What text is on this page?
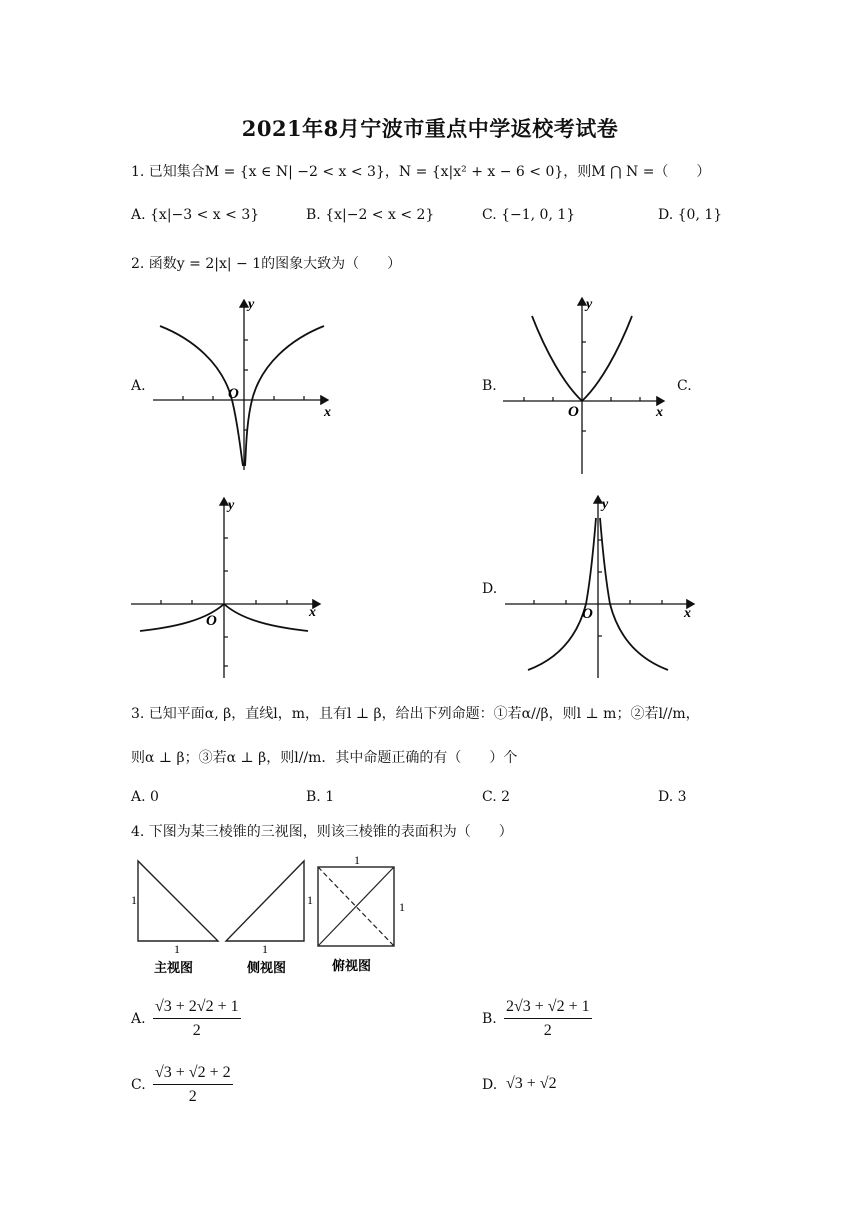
2021年8月宁波市重点中学返校考试卷
1. 已知集合M = {x ∈ N| −2 < x < 3}，N = {x|x² + x − 6 < 0}，则M ⋂ N =（　　）
A. {x|−3 < x < 3}	B. {x|−2 < x < 2}	C. {−1, 0, 1}	D. {0, 1}
2. 函数y = 2|x| − 1的图象大致为（　　）
A.	B.	C.
D.
O
x
y
O	x
y
O
x
y
O	x
y
3. 已知平面α, β，直线l，m，且有l ⊥ β，给出下列命题：①若α//β，则l ⊥ m；②若l//m，
则α ⊥ β；③若α ⊥ β，则l//m．其中命题正确的有（　　）个
A. 0	B. 1	C. 2	D. 3
4. 下图为某三棱锥的三视图，则该三棱锥的表面积为（　　）
1
1
1
1
1
1
主视图	侧视图	俯视图
A. $\frac{√3 + 2√2 + 1}{2}$	B. $\frac{2√3 + √2 + 1}{2}$
C. $\frac{√3 + √2 + 2}{2}$	D. √3 + √2
